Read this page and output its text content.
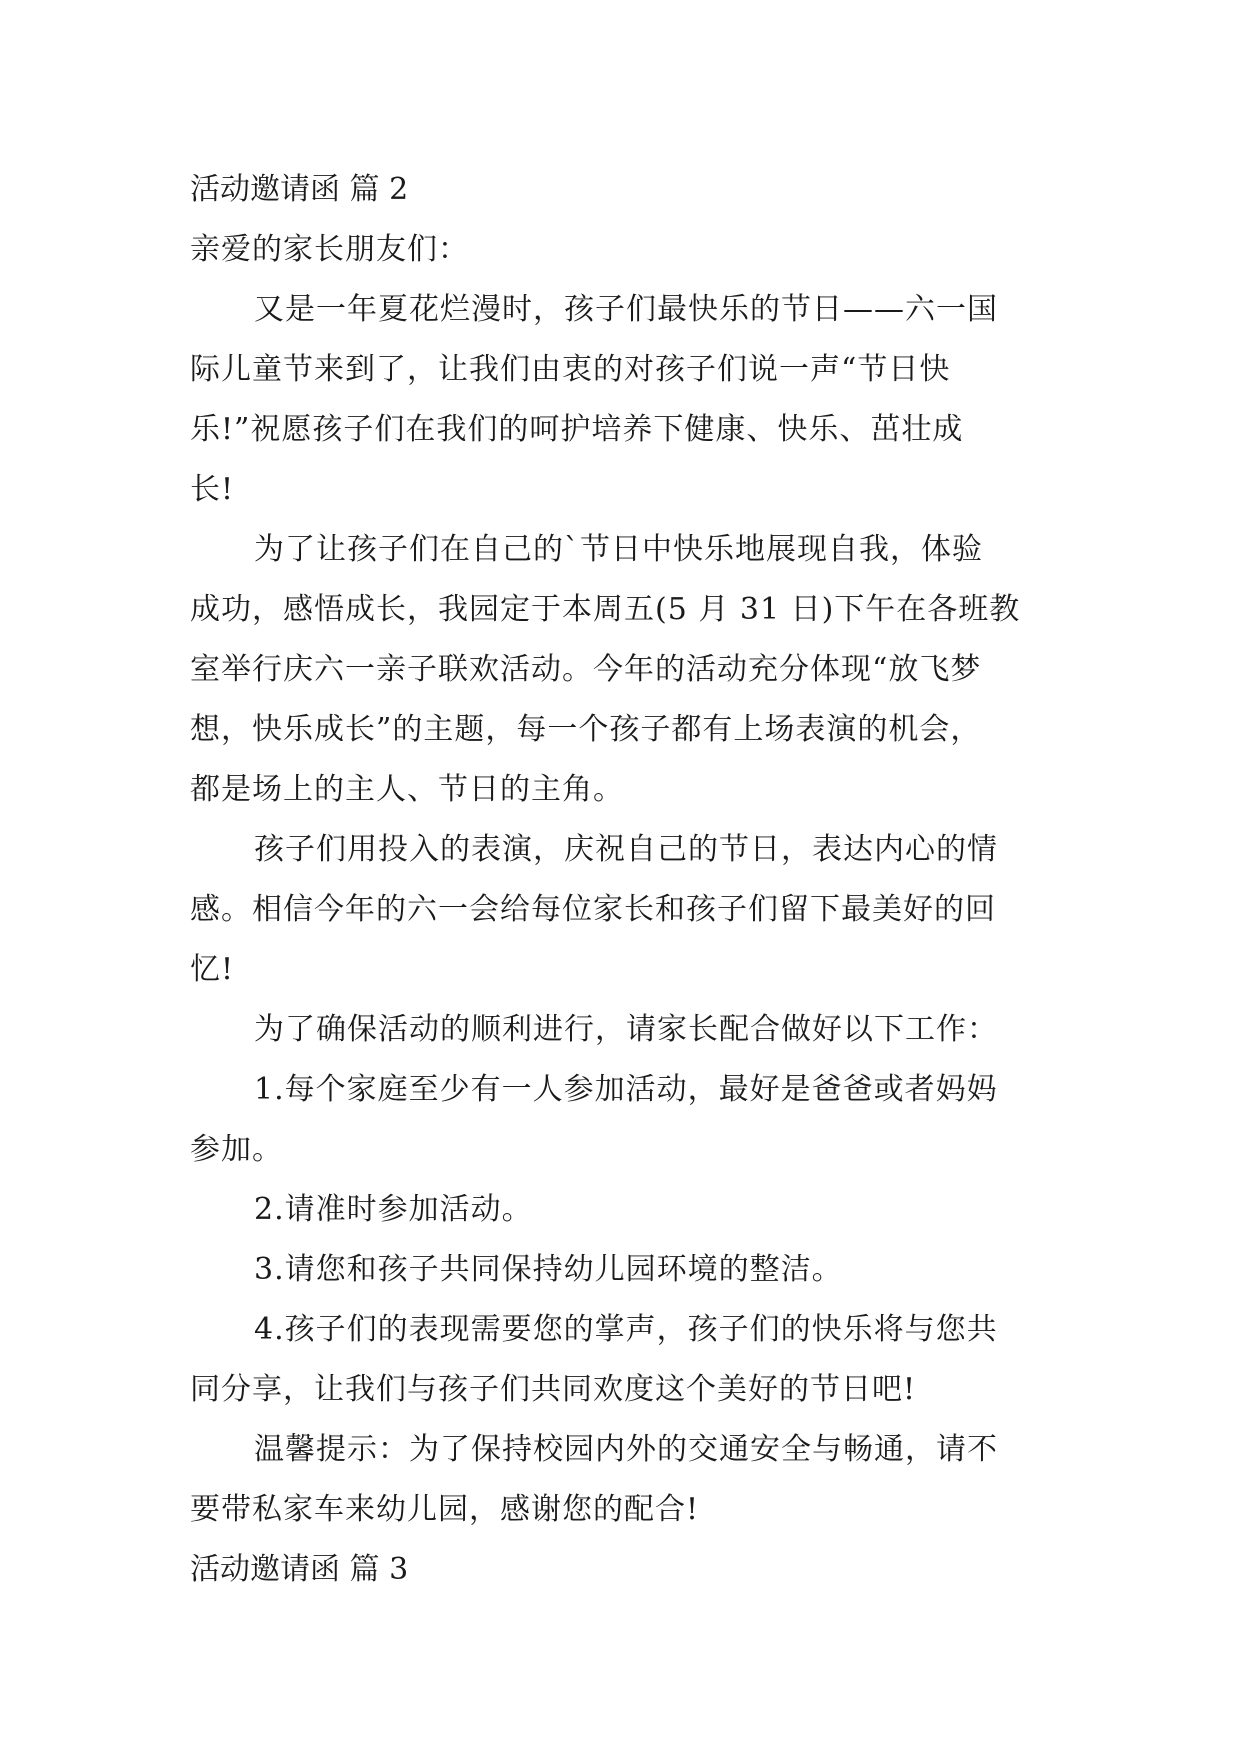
活动邀请函 篇 2
亲爱的家长朋友们：
又是一年夏花烂漫时，孩子们最快乐的节日——六一国
际儿童节来到了，让我们由衷的对孩子们说一声“节日快
乐!”祝愿孩子们在我们的呵护培养下健康、快乐、茁壮成
长!
为了让孩子们在自己的`节日中快乐地展现自我，体验
成功，感悟成长，我园定于本周五(5 月 31 日)下午在各班教
室举行庆六一亲子联欢活动。今年的活动充分体现“放飞梦
想，快乐成长”的主题，每一个孩子都有上场表演的机会，
都是场上的主人、节日的主角。
孩子们用投入的表演，庆祝自己的节日，表达内心的情
感。相信今年的六一会给每位家长和孩子们留下最美好的回
忆!
为了确保活动的顺利进行，请家长配合做好以下工作：
1.每个家庭至少有一人参加活动，最好是爸爸或者妈妈
参加。
2.请准时参加活动。
3.请您和孩子共同保持幼儿园环境的整洁。
4.孩子们的表现需要您的掌声，孩子们的快乐将与您共
同分享，让我们与孩子们共同欢度这个美好的节日吧!
温馨提示：为了保持校园内外的交通安全与畅通，请不
要带私家车来幼儿园，感谢您的配合!
活动邀请函 篇 3
